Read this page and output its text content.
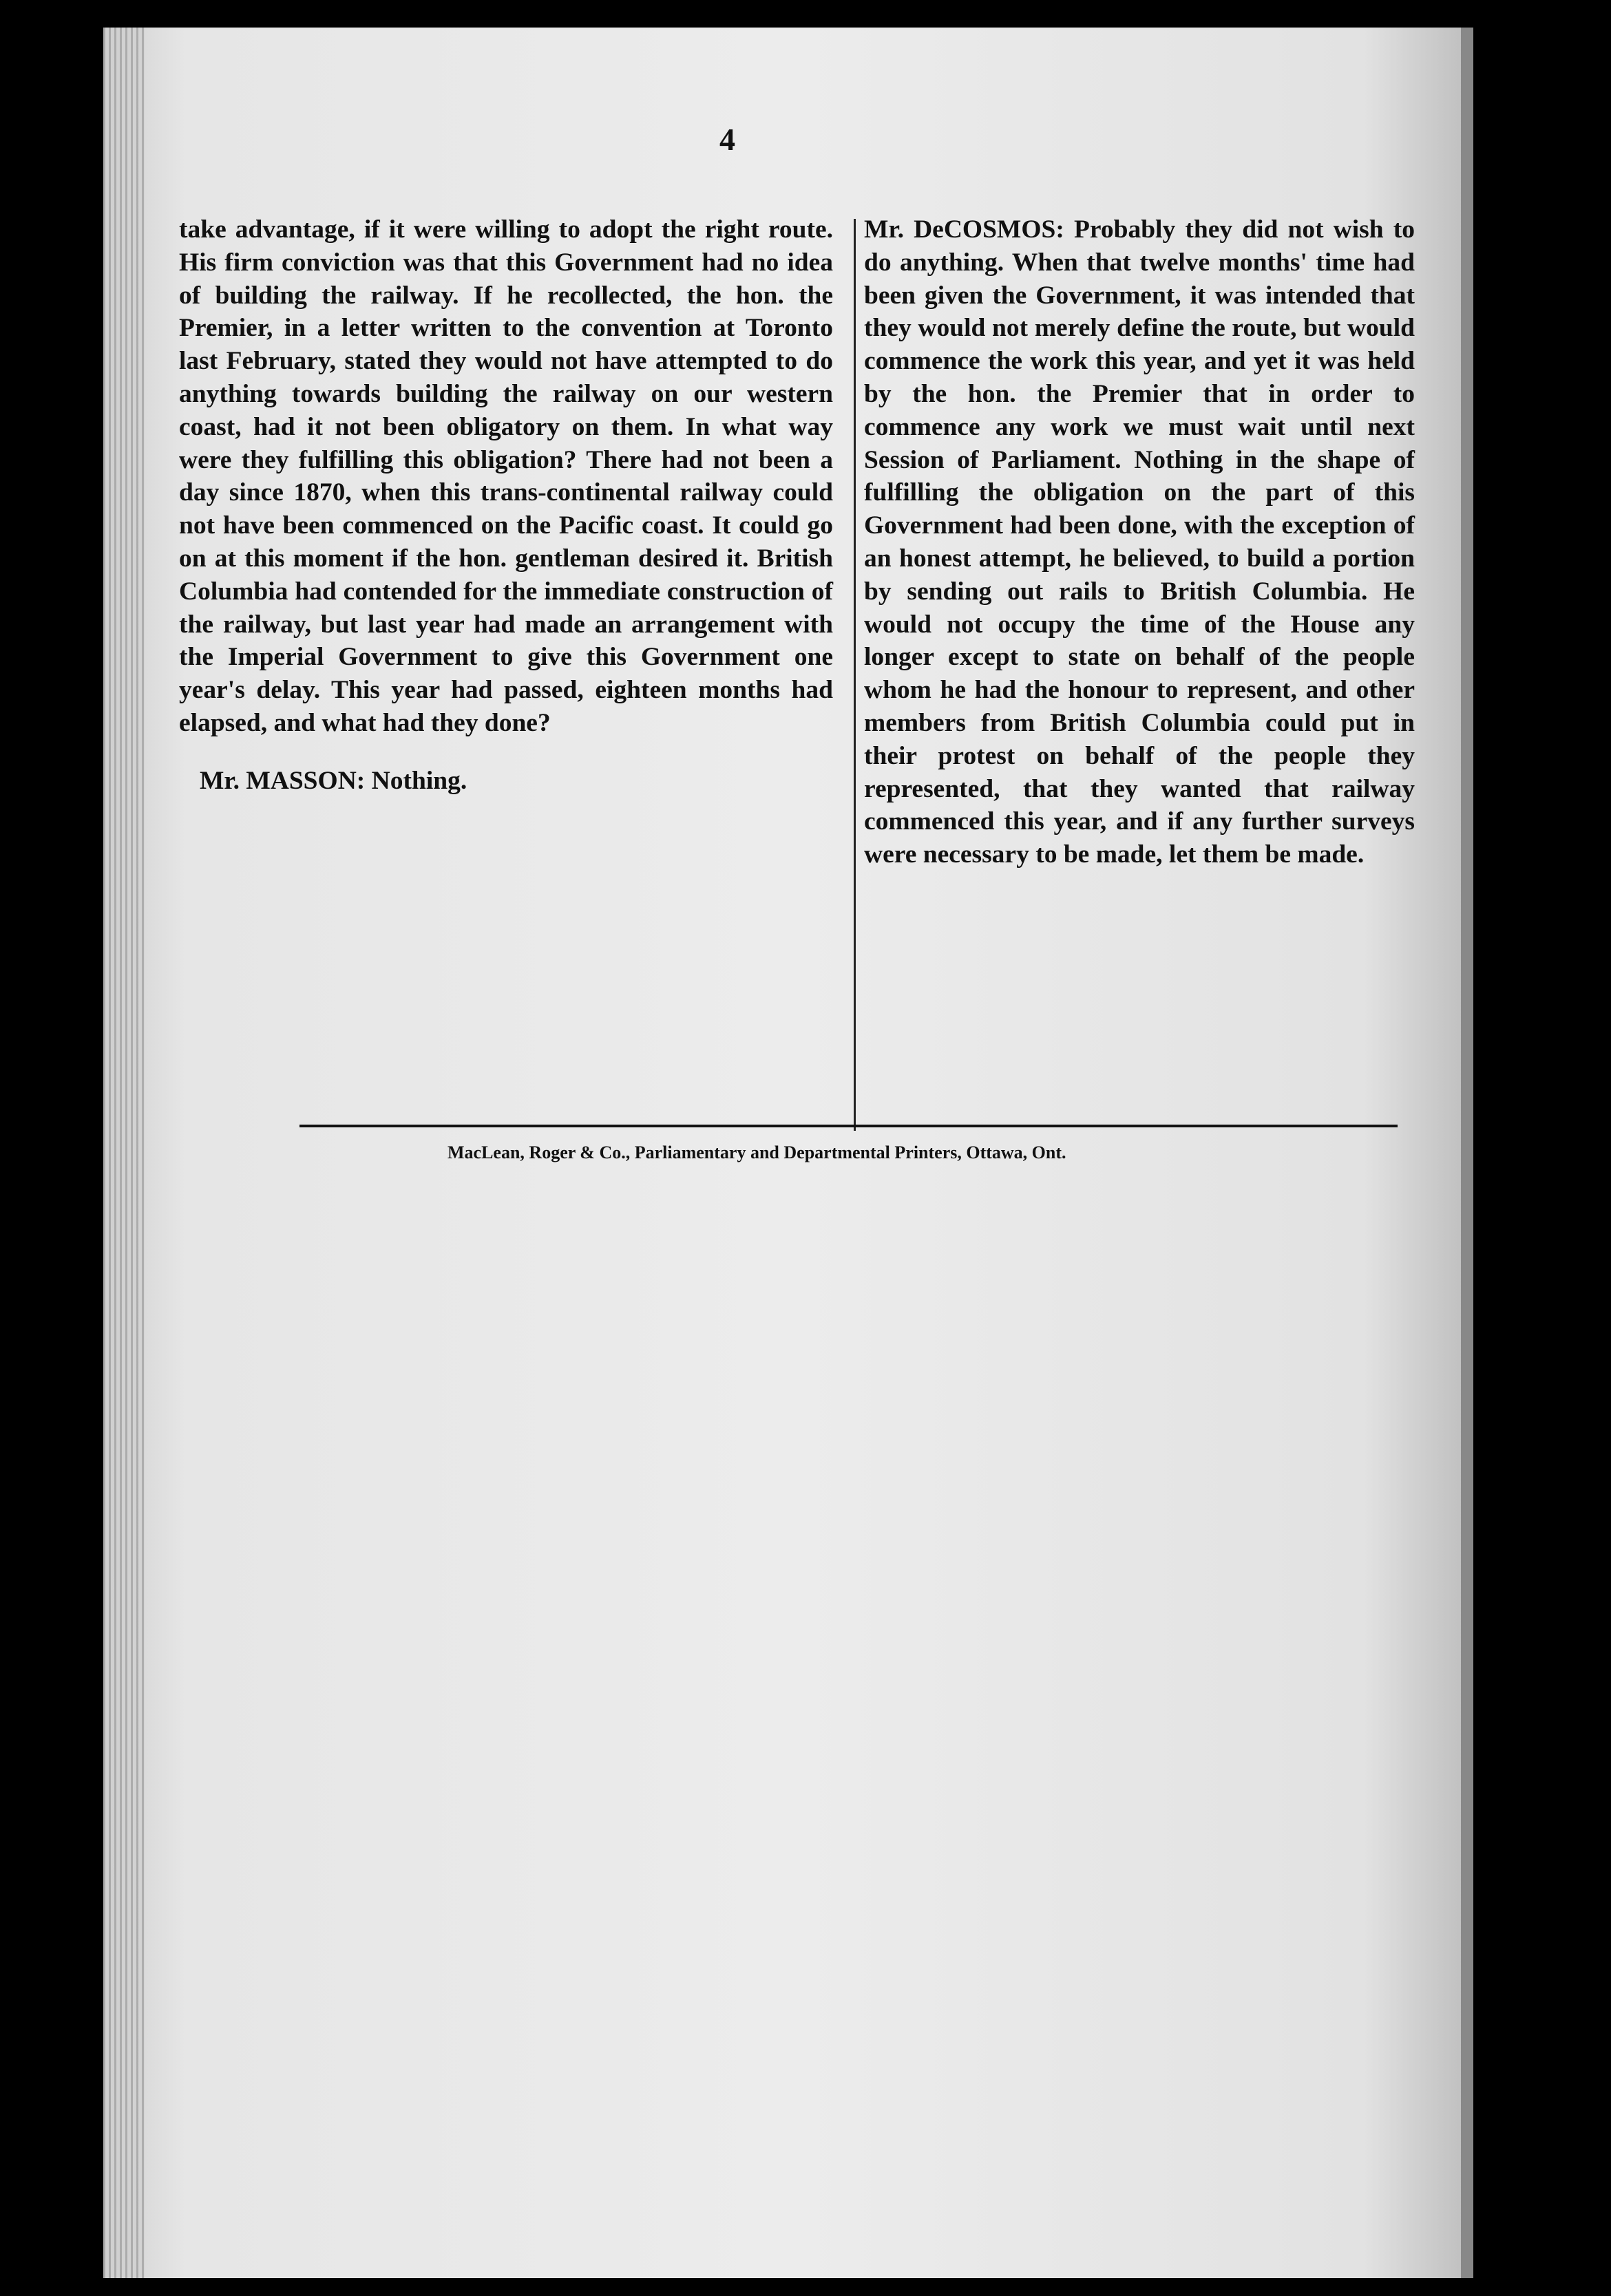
4

take advantage, if it were willing to adopt the right route. His firm conviction was that this Government had no idea of building the railway. If he recollected, the hon. the Premier, in a letter written to the convention at Toronto last February, stated they would not have attempted to do anything towards building the railway on our western coast, had it not been obligatory on them. In what way were they fulfilling this obligation? There had not been a day since 1870, when this trans-continental railway could not have been commenced on the Pacific coast. It could go on at this moment if the hon. gentleman desired it. British Columbia had contended for the immediate construction of the railway, but last year had made an arrangement with the Imperial Government to give this Government one year's delay. This year had passed, eighteen months had elapsed, and what had they done?

Mr. MASSON: Nothing.

Mr. DeCOSMOS: Probably they did not wish to do anything. When that twelve months' time had been given the Government, it was intended that they would not merely define the route, but would commence the work this year, and yet it was held by the hon. the Premier that in order to commence any work we must wait until next Session of Parliament. Nothing in the shape of fulfilling the obligation on the part of this Government had been done, with the exception of an honest attempt, he believed, to build a portion by sending out rails to British Columbia. He would not occupy the time of the House any longer except to state on behalf of the people whom he had the honour to represent, and other members from British Columbia could put in their protest on behalf of the people they represented, that they wanted that railway commenced this year, and if any further surveys were necessary to be made, let them be made.

MacLean, Roger & Co., Parliamentary and Departmental Printers, Ottawa, Ont.
